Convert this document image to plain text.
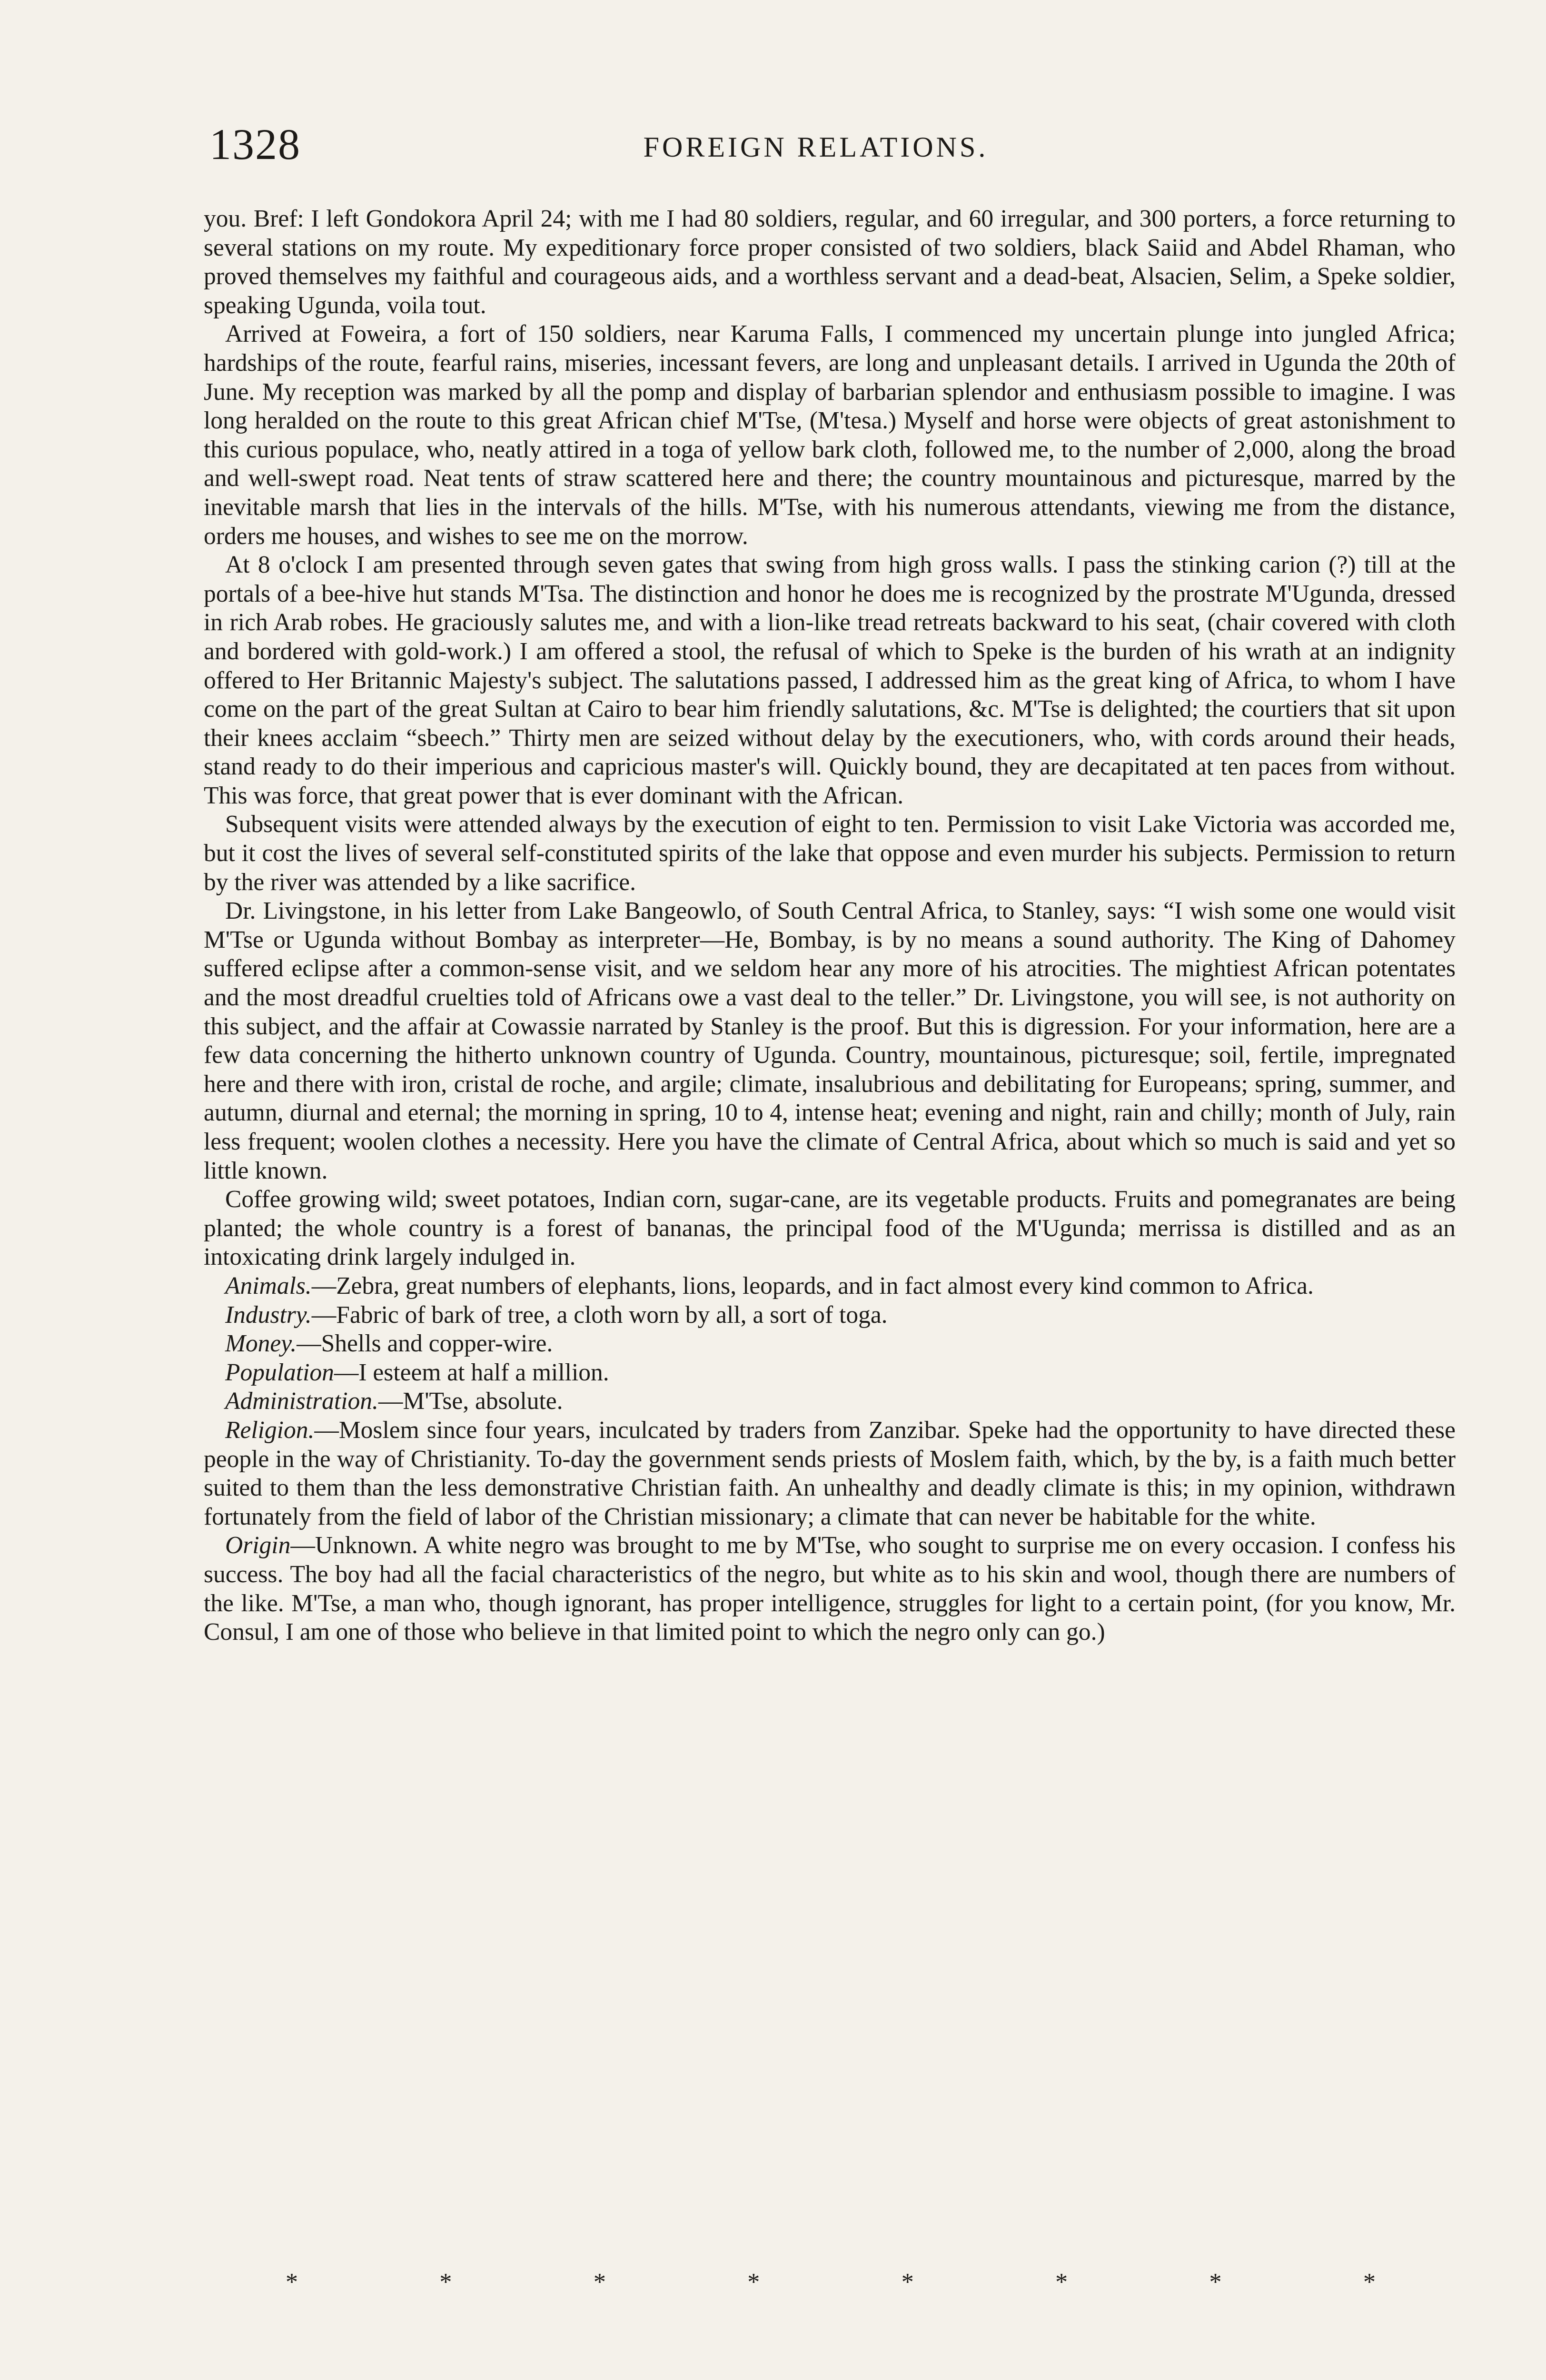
1328	FOREIGN RELATIONS.

you. Bref: I left Gondokora April 24; with me I had 80 soldiers, regular, and 60 irregular, and 300 porters, a force returning to several stations on my route. My expeditionary force proper consisted of two soldiers, black Saiid and Abdel Rhaman, who proved themselves my faithful and courageous aids, and a worthless servant and a dead-beat, Alsacien, Selim, a Speke soldier, speaking Ugunda, voila tout.

Arrived at Foweira, a fort of 150 soldiers, near Karuma Falls, I commenced my uncertain plunge into jungled Africa; hardships of the route, fearful rains, miseries, incessant fevers, are long and unpleasant details. I arrived in Ugunda the 20th of June. My reception was marked by all the pomp and display of barbarian splendor and enthusiasm possible to imagine. I was long heralded on the route to this great African chief M'Tse, (M'tesa.) Myself and horse were objects of great astonishment to this curious populace, who, neatly attired in a toga of yellow bark cloth, followed me, to the number of 2,000, along the broad and well-swept road. Neat tents of straw scattered here and there; the country mountainous and picturesque, marred by the inevitable marsh that lies in the intervals of the hills. M'Tse, with his numerous attendants, viewing me from the distance, orders me houses, and wishes to see me on the morrow.

At 8 o'clock I am presented through seven gates that swing from high gross walls. I pass the stinking carion (?) till at the portals of a bee-hive hut stands M'Tsa. The distinction and honor he does me is recognized by the prostrate M'Ugunda, dressed in rich Arab robes. He graciously salutes me, and with a lion-like tread retreats backward to his seat, (chair covered with cloth and bordered with gold-work.) I am offered a stool, the refusal of which to Speke is the burden of his wrath at an indignity offered to Her Britannic Majesty's subject. The salutations passed, I addressed him as the great king of Africa, to whom I have come on the part of the great Sultan at Cairo to bear him friendly salutations, &c. M'Tse is delighted; the courtiers that sit upon their knees acclaim “sbeech.” Thirty men are seized without delay by the executioners, who, with cords around their heads, stand ready to do their imperious and capricious master's will. Quickly bound, they are decapitated at ten paces from without. This was force, that great power that is ever dominant with the African.

Subsequent visits were attended always by the execution of eight to ten. Permission to visit Lake Victoria was accorded me, but it cost the lives of several self-constituted spirits of the lake that oppose and even murder his subjects. Permission to return by the river was attended by a like sacrifice.

Dr. Livingstone, in his letter from Lake Bangeowlo, of South Central Africa, to Stanley, says: “I wish some one would visit M'Tse or Ugunda without Bombay as interpreter—He, Bombay, is by no means a sound authority. The King of Dahomey suffered eclipse after a common-sense visit, and we seldom hear any more of his atrocities. The mightiest African potentates and the most dreadful cruelties told of Africans owe a vast deal to the teller.” Dr. Livingstone, you will see, is not authority on this subject, and the affair at Cowassie narrated by Stanley is the proof. But this is digression. For your information, here are a few data concerning the hitherto unknown country of Ugunda. Country, mountainous, picturesque; soil, fertile, impregnated here and there with iron, cristal de roche, and argile; climate, insalubrious and debilitating for Europeans; spring, summer, and autumn, diurnal and eternal; the morning in spring, 10 to 4, intense heat; evening and night, rain and chilly; month of July, rain less frequent; woolen clothes a necessity. Here you have the climate of Central Africa, about which so much is said and yet so little known.

Coffee growing wild; sweet potatoes, Indian corn, sugar-cane, are its vegetable products. Fruits and pomegranates are being planted; the whole country is a forest of bananas, the principal food of the M'Ugunda; merrissa is distilled and as an intoxicating drink largely indulged in.

Animals.—Zebra, great numbers of elephants, lions, leopards, and in fact almost every kind common to Africa.

Industry.—Fabric of bark of tree, a cloth worn by all, a sort of toga.

Money.—Shells and copper-wire.

Population—I esteem at half a million.

Administration.—M'Tse, absolute.

Religion.—Moslem since four years, inculcated by traders from Zanzibar. Speke had the opportunity to have directed these people in the way of Christianity. To-day the government sends priests of Moslem faith, which, by the by, is a faith much better suited to them than the less demonstrative Christian faith. An unhealthy and deadly climate is this; in my opinion, withdrawn fortunately from the field of labor of the Christian missionary; a climate that can never be habitable for the white.

Origin—Unknown. A white negro was brought to me by M'Tse, who sought to surprise me on every occasion. I confess his success. The boy had all the facial characteristics of the negro, but white as to his skin and wool, though there are numbers of the like. M'Tse, a man who, though ignorant, has proper intelligence, struggles for light to a certain point, (for you know, Mr. Consul, I am one of those who believe in that limited point to which the negro only can go.)

*	*	*	*	*	*	*	*
